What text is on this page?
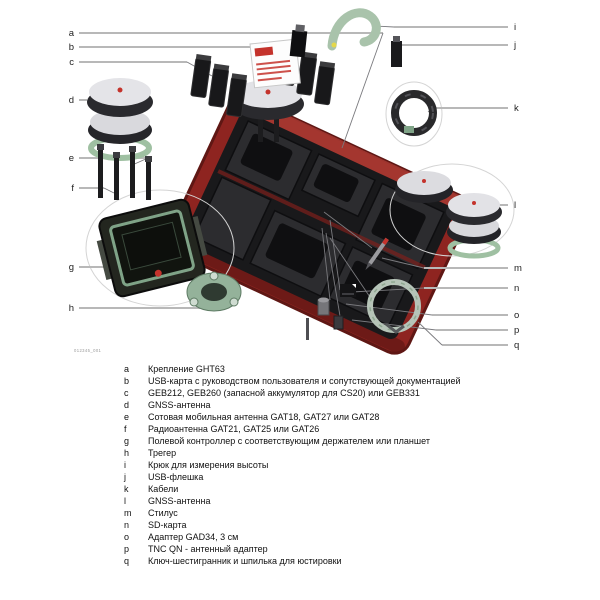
a
b
c
d
e
f
g
h
i
j
k
l
m
n
o
p
q
012345_001
a	Крепление GHT63
b	USB-карта с руководством пользователя и сопутствующей документацией
c	GEB212, GEB260 (запасной аккумулятор для CS20) или GEB331
d	GNSS-антенна
e	Сотовая мобильная антенна GAT18, GAT27 или GAT28
f	Радиоантенна GAT21, GAT25 или GAT26
g	Полевой контроллер с соответствующим держателем или планшет
h	Трегер
i	Крюк для измерения высоты
j	USB-флешка
k	Кабели
l	GNSS-антенна
m	Стилус
n	SD-карта
o	Адаптер GAD34, 3 см
p	TNC QN - антенный адаптер
q	Ключ-шестигранник и шпилька для юстировки
